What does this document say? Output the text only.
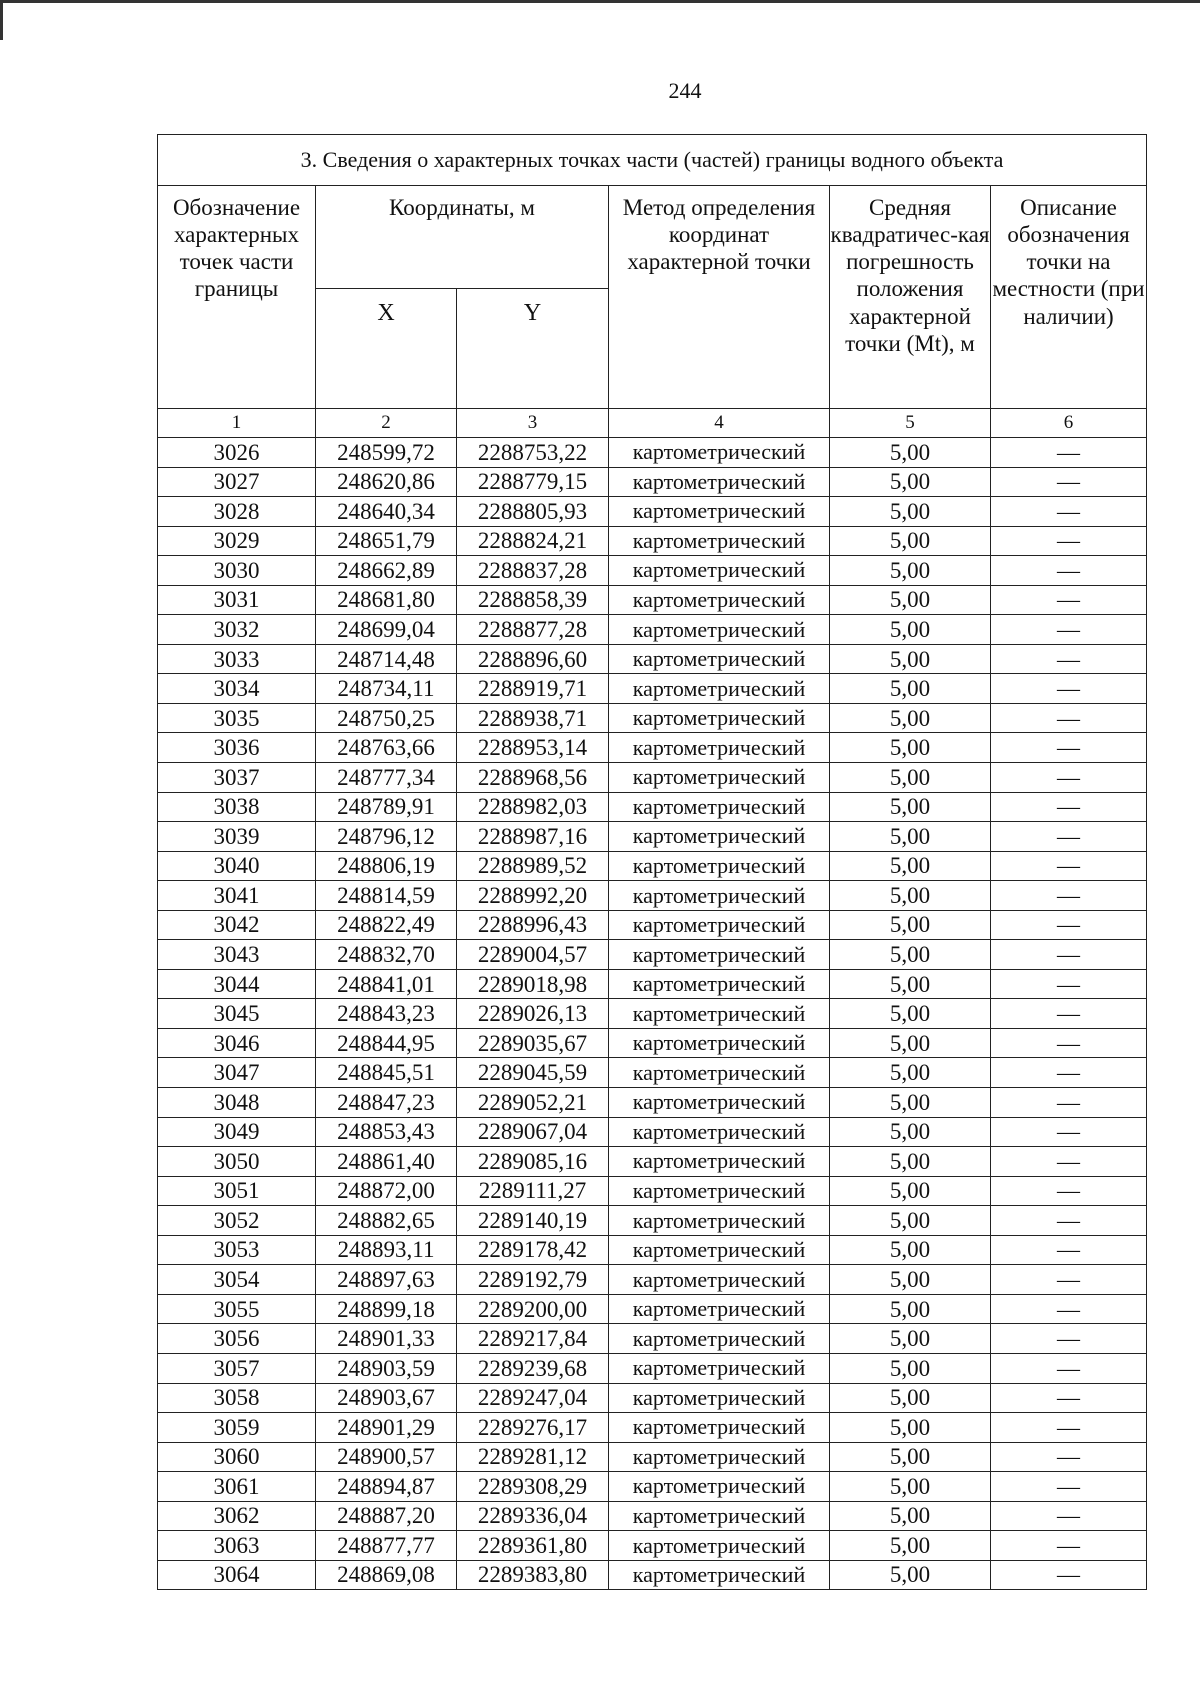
244
3. Сведения о характерных точках части (частей) границы водного объекта					
Обозначение характерных точек части границы	Координаты, м		Метод определения координат характерной точки	Средняя квадратичес-кая погрешность положения характерной точки (Mt), м	Описание обозначения точки на местности (при наличии)
	X	Y			
1	2	3	4	5	6
3026	248599,72	2288753,22	картометрический	5,00	—
3027	248620,86	2288779,15	картометрический	5,00	—
3028	248640,34	2288805,93	картометрический	5,00	—
3029	248651,79	2288824,21	картометрический	5,00	—
3030	248662,89	2288837,28	картометрический	5,00	—
3031	248681,80	2288858,39	картометрический	5,00	—
3032	248699,04	2288877,28	картометрический	5,00	—
3033	248714,48	2288896,60	картометрический	5,00	—
3034	248734,11	2288919,71	картометрический	5,00	—
3035	248750,25	2288938,71	картометрический	5,00	—
3036	248763,66	2288953,14	картометрический	5,00	—
3037	248777,34	2288968,56	картометрический	5,00	—
3038	248789,91	2288982,03	картометрический	5,00	—
3039	248796,12	2288987,16	картометрический	5,00	—
3040	248806,19	2288989,52	картометрический	5,00	—
3041	248814,59	2288992,20	картометрический	5,00	—
3042	248822,49	2288996,43	картометрический	5,00	—
3043	248832,70	2289004,57	картометрический	5,00	—
3044	248841,01	2289018,98	картометрический	5,00	—
3045	248843,23	2289026,13	картометрический	5,00	—
3046	248844,95	2289035,67	картометрический	5,00	—
3047	248845,51	2289045,59	картометрический	5,00	—
3048	248847,23	2289052,21	картометрический	5,00	—
3049	248853,43	2289067,04	картометрический	5,00	—
3050	248861,40	2289085,16	картометрический	5,00	—
3051	248872,00	2289111,27	картометрический	5,00	—
3052	248882,65	2289140,19	картометрический	5,00	—
3053	248893,11	2289178,42	картометрический	5,00	—
3054	248897,63	2289192,79	картометрический	5,00	—
3055	248899,18	2289200,00	картометрический	5,00	—
3056	248901,33	2289217,84	картометрический	5,00	—
3057	248903,59	2289239,68	картометрический	5,00	—
3058	248903,67	2289247,04	картометрический	5,00	—
3059	248901,29	2289276,17	картометрический	5,00	—
3060	248900,57	2289281,12	картометрический	5,00	—
3061	248894,87	2289308,29	картометрический	5,00	—
3062	248887,20	2289336,04	картометрический	5,00	—
3063	248877,77	2289361,80	картометрический	5,00	—
3064	248869,08	2289383,80	картометрический	5,00	—
